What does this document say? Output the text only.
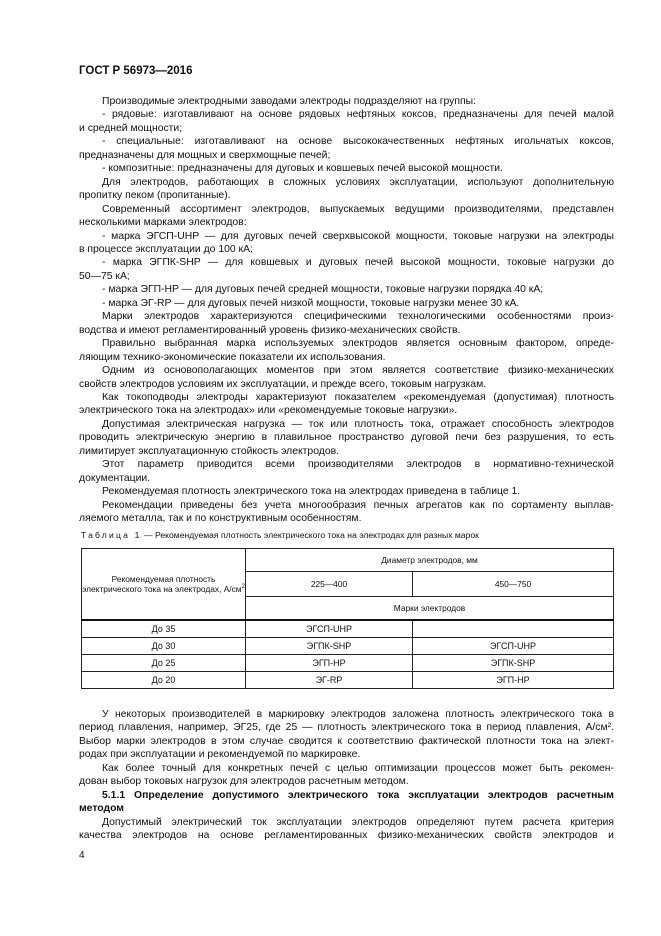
ГОСТ Р 56973—2016
Производимые электродными заводами электроды подразделяют на группы:
- рядовые: изготавливают на основе рядовых нефтяных коксов, предназначены для печей малой
и средней мощности;
- специальные: изготавливают на основе высококачественных нефтяных игольчатых коксов,
предназначены для мощных и сверхмощные печей;
- композитные: предназначены для дуговых и ковшевых печей высокой мощности.
Для электродов, работающих в сложных условиях эксплуатации, используют дополнительную
пропитку пеком (пропитанные).
Современный ассортимент электродов, выпускаемых ведущими производителями, представлен
несколькими марками электродов:
- марка ЭГСП-UHP — для дуговых печей сверхвысокой мощности, токовые нагрузки на электроды
в процессе эксплуатации до 100 кА;
- марка ЭГПК-SHP — для ковшевых и дуговых печей высокой мощности, токовые нагрузки до
50—75 кА;
- марка ЭГП-HP — для дуговых печей средней мощности, токовые нагрузки порядка 40 кА;
- марка ЭГ-RP — для дуговых печей низкой мощности, токовые нагрузки менее 30 кА.
Марки электродов характеризуются специфическими технологическими особенностями произ-
водства и имеют регламентированный уровень физико-механических свойств.
Правильно выбранная марка используемых электродов является основным фактором, опреде-
ляющим технико-экономические показатели их использования.
Одним из основополагающих моментов при этом является соответствие физико-механических
свойств электродов условиям их эксплуатации, и прежде всего, токовым нагрузкам.
Как токоподводы электроды характеризуют показателем «рекомендуемая (допустимая) плотность
электрического тока на электродах» или «рекомендуемые токовые нагрузки».
Допустимая электрическая нагрузка — ток или плотность тока, отражает способность электродов
проводить электрическую энергию в плавильное пространство дуговой печи без разрушения, то есть
лимитирует эксплуатационную стойкость электродов.
Этот параметр приводится всеми производителями электродов в нормативно-технической
документации.
Рекомендуемая плотность электрического тока на электродах приведена в таблице 1.
Рекомендации приведены без учета многообразия печных агрегатов как по сортаменту выплав-
ляемого металла, так и по конструктивным особенностям.
Таблица 1 — Рекомендуемая плотность электрического тока на электродах для разных марок
Рекомендуемая плотность электрического тока на электродах, $А/см^2$	Диаметр электродов, мм	
	225—400	450—750
	Марки электродов	
До 35	ЭГСП-UHP	
До 30	ЭГПК-SHP	ЭГСП-UHP
До 25	ЭГП-HP	ЭГПК-SHP
До 20	ЭГ-RP	ЭГП-HP
У некоторых производителей в маркировку электродов заложена плотность электрического тока в
период плавления, например, ЭГ25, где 25 — плотность электрического тока в период плавления, А/см².
Выбор марки электродов в этом случае сводится к соответствию фактической плотности тока на элект-
родах при эксплуатации и рекомендуемой по маркировке.
Как более точный для конкретных печей с целью оптимизации процессов может быть рекомен-
дован выбор токовых нагрузок для электродов расчетным методом.
5.1.1 Определение допустимого электрического тока эксплуатации электродов расчетным
методом
Допустимый электрический ток эксплуатации электродов определяют путем расчета критерия
качества электродов на основе регламентированных физико-механических свойств электродов и
4
